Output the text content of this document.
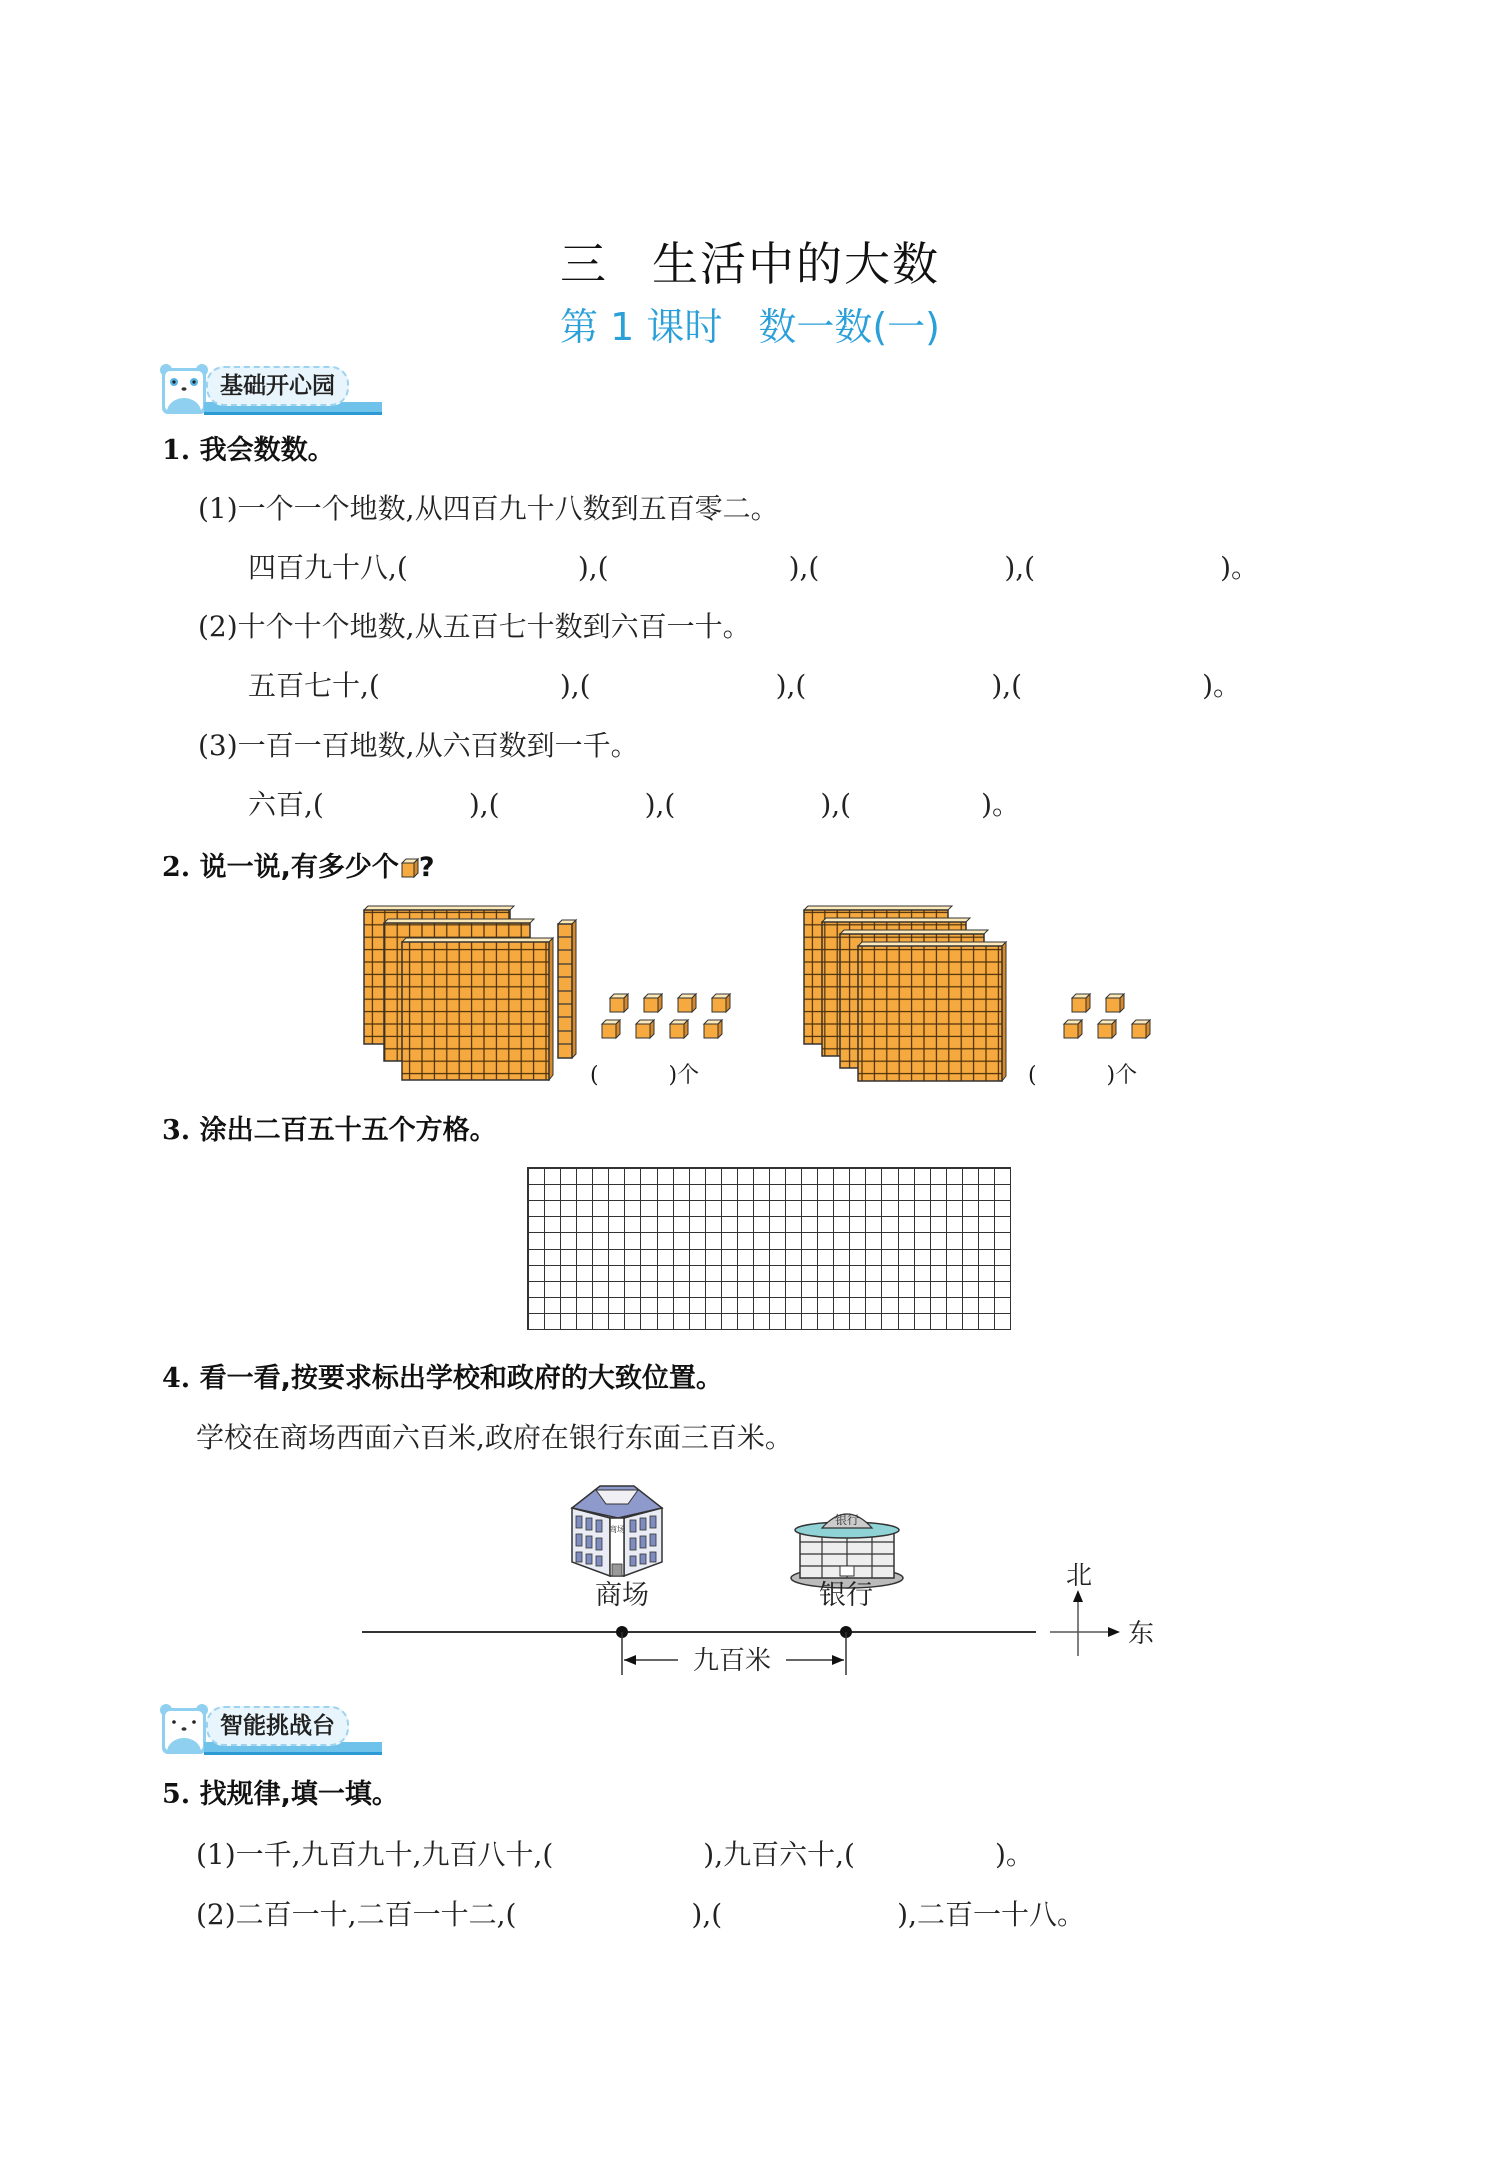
三 生活中的大数
第 1 课时 数一数(一)
基础开心园
1. 我会数数。
(1)一个一个地数,从四百九十八数到五百零二。
四百九十八,(	),(	),(	),(	)。
(2)十个十个地数,从五百七十数到六百一十。
五百七十,(	),(	),(	),(	)。
(3)一百一百地数,从六百数到一千。
六百,(	),(	),(	),(	)。
2. 说一说,有多少个 ?
(          )个	(          )个
3. 涂出二百五十五个方格。
4. 看一看,按要求标出学校和政府的大致位置。
学校在商场西面六百米,政府在银行东面三百米。
商场
银行
商场	银行
九百米
北
东
智能挑战台
5. 找规律,填一填。
(1)一千,九百九十,九百八十,(	),九百六十,(	)。
(2)二百一十,二百一十二,(	),(	),二百一十八。
